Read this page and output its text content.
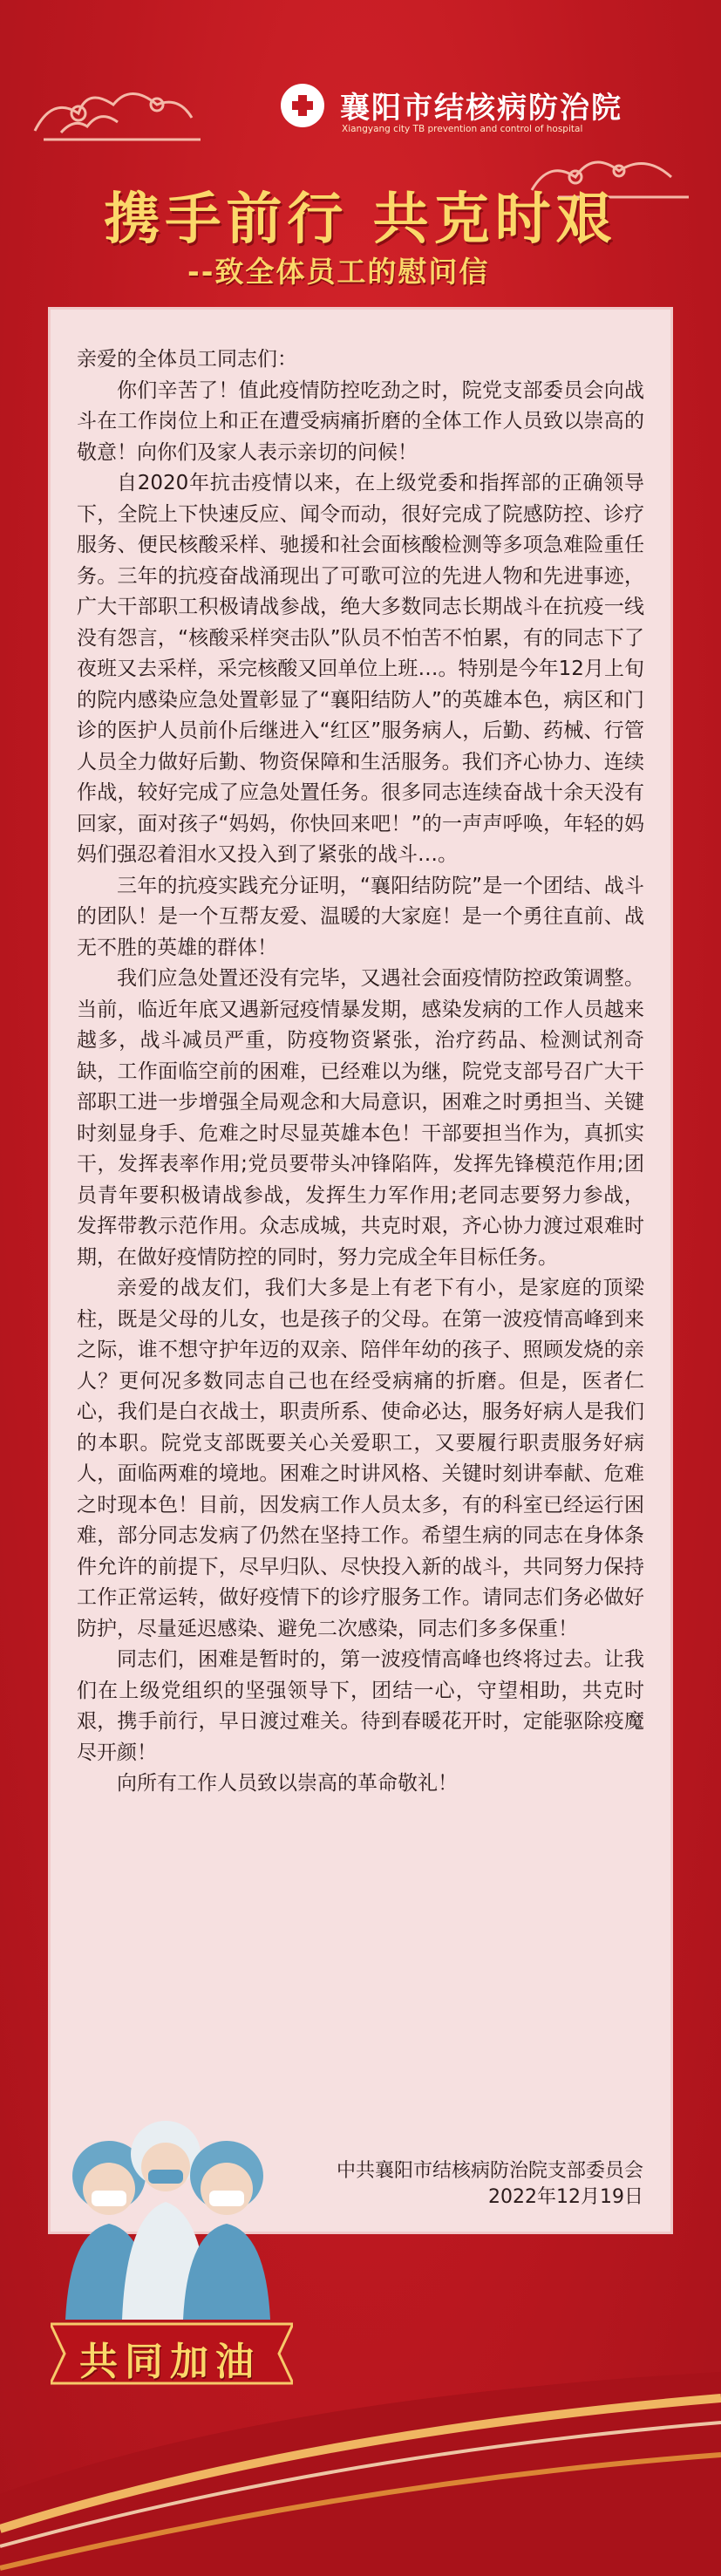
襄阳市结核病防治院
Xiangyang city TB prevention and control of hospital
携手前行 共克时艰
--致全体员工的慰问信

亲爱的全体员工同志们：

你们辛苦了！值此疫情防控吃劲之时，院党支部委员会向战斗在工作岗位上和正在遭受病痛折磨的全体工作人员致以崇高的敬意！向你们及家人表示亲切的问候！

自2020年抗击疫情以来，在上级党委和指挥部的正确领导下，全院上下快速反应、闻令而动，很好完成了院感防控、诊疗服务、便民核酸采样、驰援和社会面核酸检测等多项急难险重任务。三年的抗疫奋战涌现出了可歌可泣的先进人物和先进事迹，广大干部职工积极请战参战，绝大多数同志长期战斗在抗疫一线没有怨言，“核酸采样突击队”队员不怕苦不怕累，有的同志下了夜班又去采样，采完核酸又回单位上班…。特别是今年12月上旬的院内感染应急处置彰显了“襄阳结防人”的英雄本色，病区和门诊的医护人员前仆后继进入“红区”服务病人，后勤、药械、行管人员全力做好后勤、物资保障和生活服务。我们齐心协力、连续作战，较好完成了应急处置任务。很多同志连续奋战十余天没有回家，面对孩子“妈妈，你快回来吧！”的一声声呼唤，年轻的妈妈们强忍着泪水又投入到了紧张的战斗…。

三年的抗疫实践充分证明，“襄阳结防院”是一个团结、战斗的团队！是一个互帮友爱、温暖的大家庭！是一个勇往直前、战无不胜的英雄的群体！

我们应急处置还没有完毕，又遇社会面疫情防控政策调整。当前，临近年底又遇新冠疫情暴发期，感染发病的工作人员越来越多，战斗减员严重，防疫物资紧张，治疗药品、检测试剂奇缺，工作面临空前的困难，已经难以为继，院党支部号召广大干部职工进一步增强全局观念和大局意识，困难之时勇担当、关键时刻显身手、危难之时尽显英雄本色！干部要担当作为，真抓实干，发挥表率作用;党员要带头冲锋陷阵，发挥先锋模范作用;团员青年要积极请战参战，发挥生力军作用;老同志要努力参战，发挥带教示范作用。众志成城，共克时艰，齐心协力渡过艰难时期，在做好疫情防控的同时，努力完成全年目标任务。

亲爱的战友们，我们大多是上有老下有小，是家庭的顶梁柱，既是父母的儿女，也是孩子的父母。在第一波疫情高峰到来之际，谁不想守护年迈的双亲、陪伴年幼的孩子、照顾发烧的亲人？更何况多数同志自己也在经受病痛的折磨。但是，医者仁心，我们是白衣战士，职责所系、使命必达，服务好病人是我们的本职。院党支部既要关心关爱职工，又要履行职责服务好病人，面临两难的境地。困难之时讲风格、关键时刻讲奉献、危难之时现本色！目前，因发病工作人员太多，有的科室已经运行困难，部分同志发病了仍然在坚持工作。希望生病的同志在身体条件允许的前提下，尽早归队、尽快投入新的战斗，共同努力保持工作正常运转，做好疫情下的诊疗服务工作。请同志们务必做好防护，尽量延迟感染、避免二次感染，同志们多多保重！

同志们，困难是暂时的，第一波疫情高峰也终将过去。让我们在上级党组织的坚强领导下，团结一心，守望相助，共克时艰，携手前行，早日渡过难关。待到春暖花开时，定能驱除疫魔尽开颜！

向所有工作人员致以崇高的革命敬礼！

中共襄阳市结核病防治院支部委员会
2022年12月19日
共同加油
